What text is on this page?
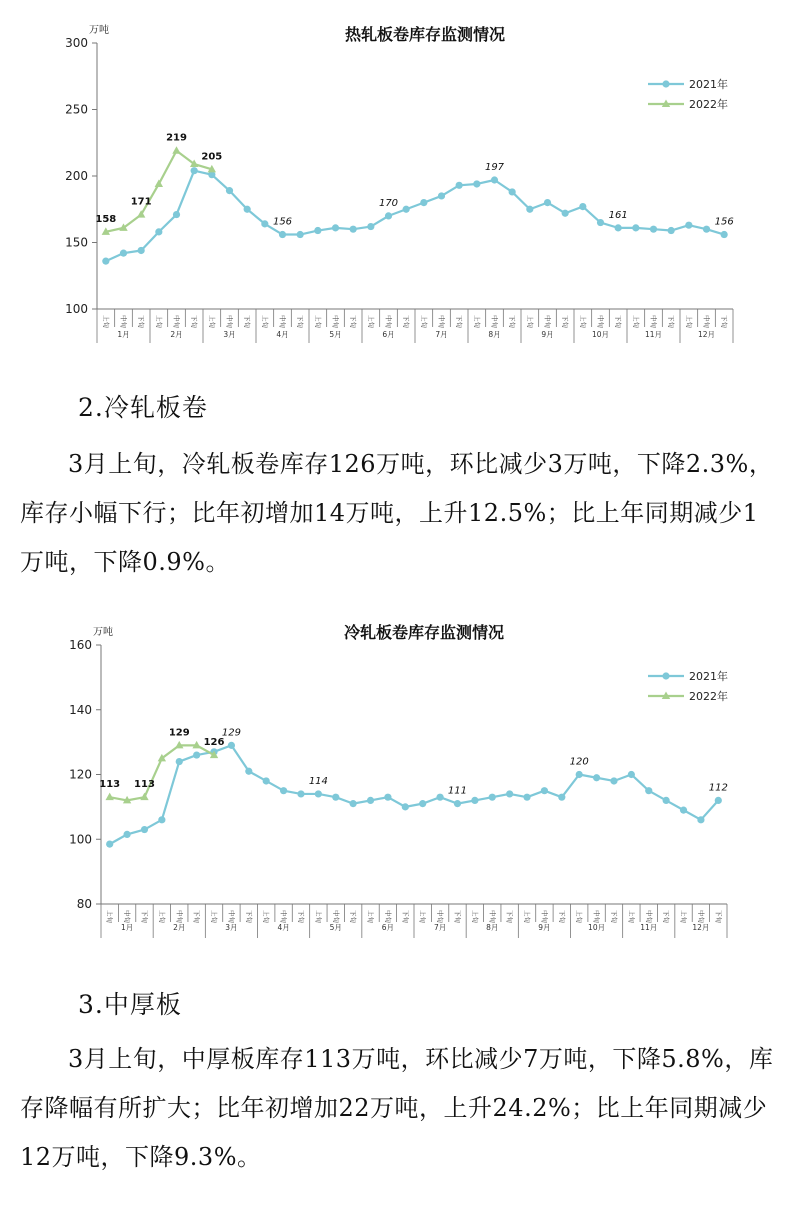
热轧板卷库存监测情况
万吨
100
150
200
250
300
上旬 中旬 下旬 上旬 中旬 下旬 上旬 中旬 下旬 上旬 中旬 下旬 上旬 中旬 下旬 上旬 中旬 下旬 上旬 中旬 下旬 上旬 中旬 下旬 上旬 中旬 下旬 上旬 中旬 下旬 上旬 中旬 下旬 上旬 中旬 下旬
1月	2月	3月	4月	5月	6月	7月	8月	9月	10月	11月	12月
156
170
197
161
156
158
171
219
205
2021年
2022年
2.冷轧板卷

3月上旬，冷轧板卷库存126万吨，环比减少3万吨，下降2.3%，库存小幅下行；比年初增加14万吨，上升12.5%；比上年同期减少1万吨，下降0.9%。

冷轧板卷库存监测情况
万吨
80
100
120
140
160
上旬 中旬 下旬 上旬 中旬 下旬 上旬 中旬 下旬 上旬 中旬 下旬 上旬 中旬 下旬 上旬 中旬 下旬 上旬 中旬 下旬 上旬 中旬 下旬 上旬 中旬 下旬 上旬 中旬 下旬 上旬 中旬 下旬 上旬 中旬 下旬
1月	2月	3月	4月	5月	6月	7月	8月	9月	10月	11月	12月
129
114
111
120
112
113 113
129
126
2021年
2022年
3.中厚板

3月上旬，中厚板库存113万吨，环比减少7万吨，下降5.8%，库存降幅有所扩大；比年初增加22万吨，上升24.2%；比上年同期减少12万吨，下降9.3%。
